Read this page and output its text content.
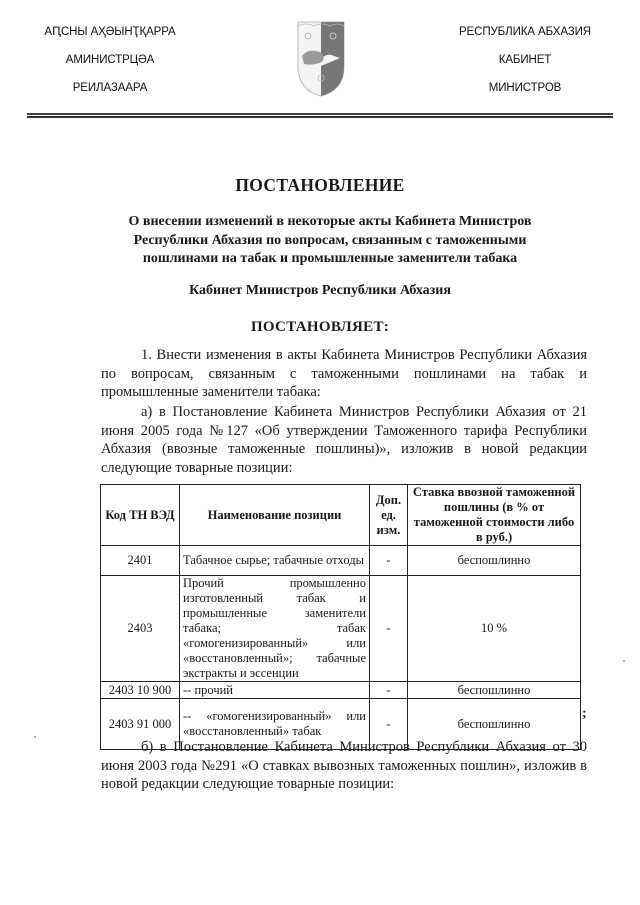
АԤСНЫ АҲӘЫНҬҚАРРА
АМИНИСТРЦӘА
РЕИЛАЗААРА
РЕСПУБЛИКА АБХАЗИЯ
КАБИНЕТ
МИНИСТРОВ
ПОСТАНОВЛЕНИЕ
О внесении изменений в некоторые акты Кабинета Министров Республики Абхазия по вопросам, связанным с таможенными пошлинами на табак и промышленные заменители табака
Кабинет Министров Республики Абхазия
ПОСТАНОВЛЯЕТ:
1. Внести изменения в акты Кабинета Министров Республики Абхазия по вопросам, связанным с таможенными пошлинами на табак и промышленные заменители табака:
а) в Постановление Кабинета Министров Республики Абхазия от 21 июня 2005 года №127 «Об утверждении Таможенного тарифа Республики Абхазия (ввозные таможенные пошлины)», изложив в новой редакции следующие товарные позиции:
Код ТН ВЭД	Наименование позиции	Доп. ед. изм.	Ставка ввозной таможенной пошлины (в % от таможенной стоимости либо в руб.)
2401	Табачное сырье; табачные отходы	-	беспошлинно
2403	Прочий промышленно изготовленный табак и промышленные заменители табака; табак «гомогенизированный» или «восстановленный»; табачные экстракты и эссенции	-	10 %
2403 10 900	-- прочий	-	беспошлинно
2403 91 000	-- «гомогенизированный» или «восстановленный» табак	-	беспошлинно
;
б) в Постановление Кабинета Министров Республики Абхазия от 30 июня 2003 года №291 «О ставках вывозных таможенных пошлин», изложив в новой редакции следующие товарные позиции:
